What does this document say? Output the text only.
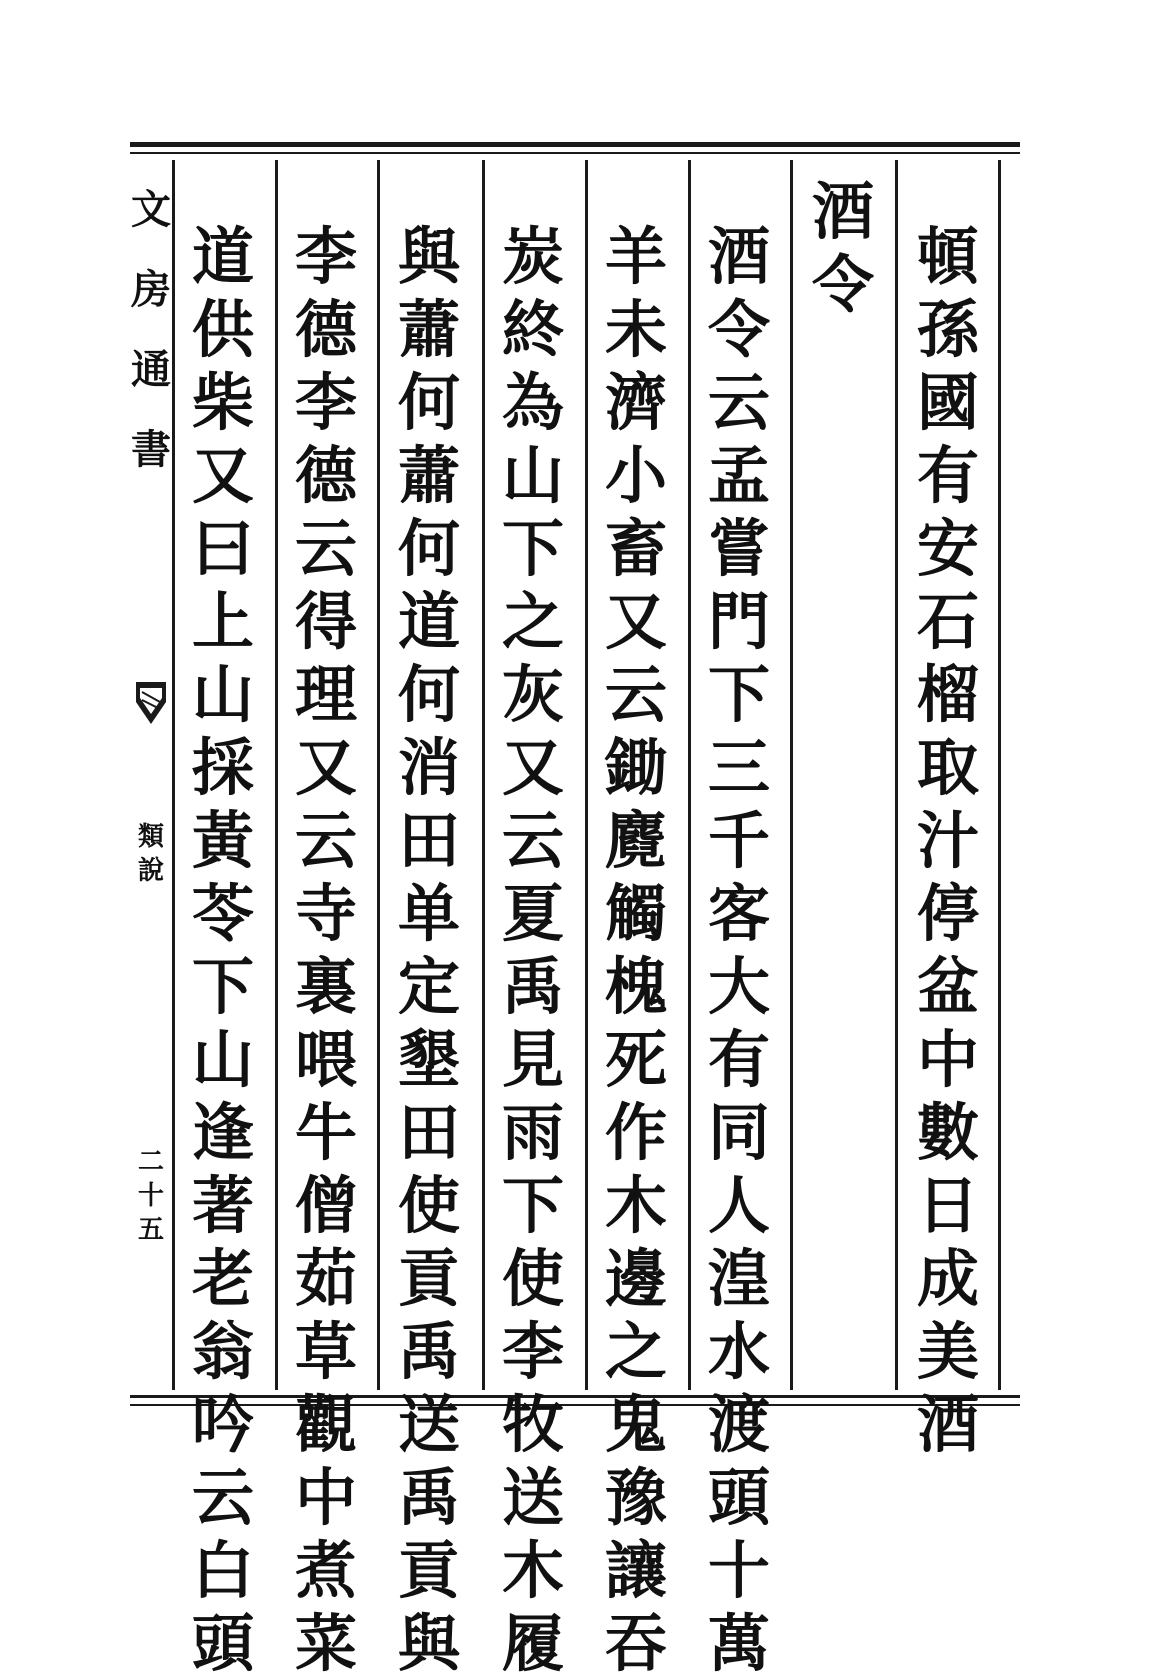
文
房
通
書
類
說
二
十
五
頓
孫
國
有
安
石
榴
取
汁
停
盆
中
數
日
成
美
酒
酒
令
酒
令
云
孟
嘗
門
下
三
千
客
大
有
同
人
湟
水
渡
頭
十
萬
羊
未
濟
小
畜
又
云
鋤
麑
觸
槐
死
作
木
邊
之
鬼
豫
讓
吞
炭
終
為
山
下
之
灰
又
云
夏
禹
見
雨
下
使
李
牧
送
木
履
與
蕭
何
蕭
何
道
何
消
田
单
定
墾
田
使
貢
禹
送
禹
貢
與
李
德
李
德
云
得
理
又
云
寺
裏
喂
牛
僧
茹
草
觀
中
煮
菜
道
供
柴
又
曰
上
山
採
黃
苓
下
山
逢
著
老
翁
吟
云
白
頭
